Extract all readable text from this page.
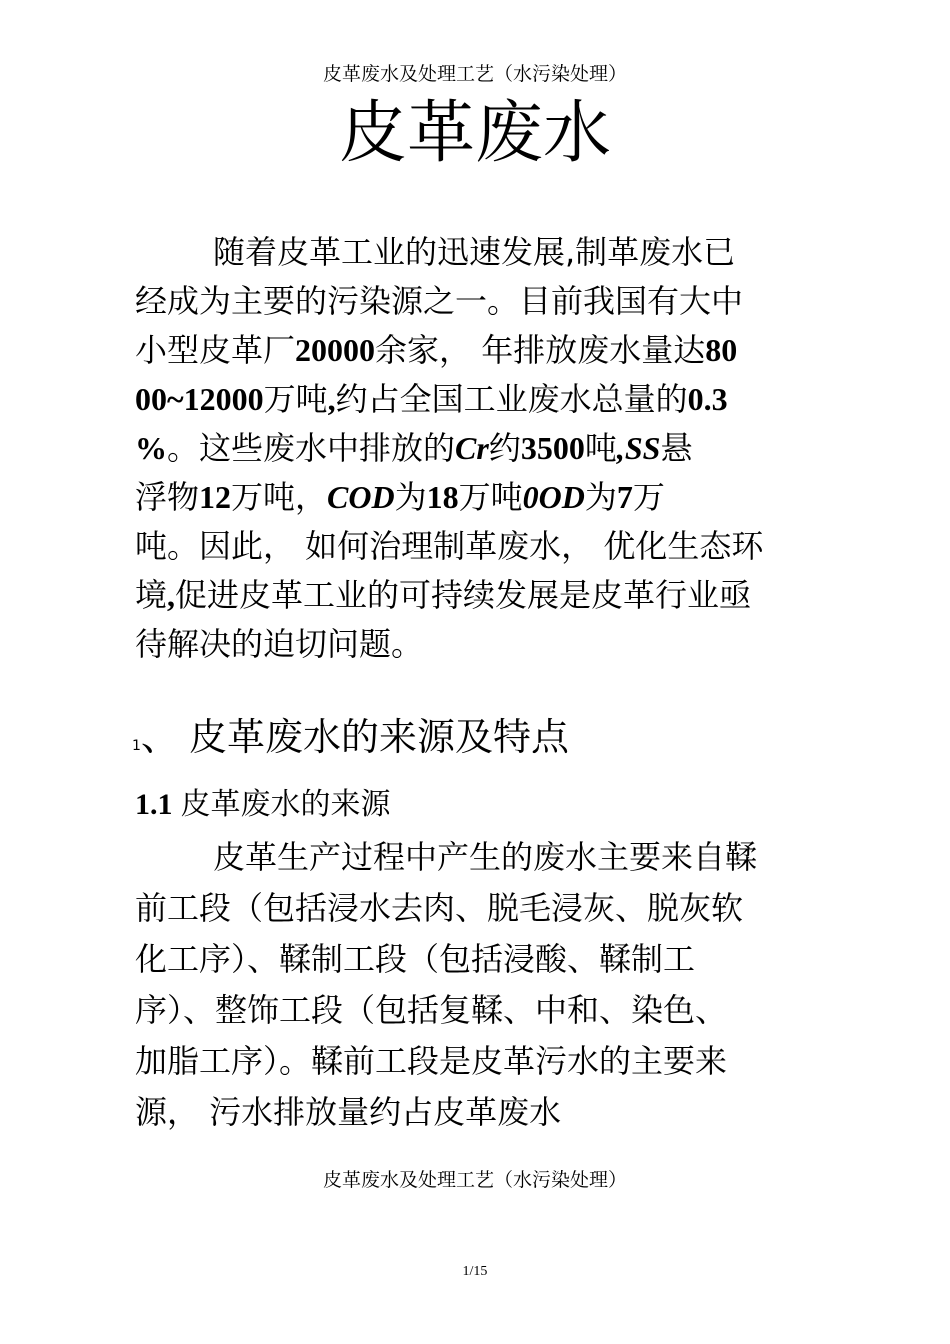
皮革废水及处理工艺（水污染处理）
皮革废水
随着皮革工业的迅速发展,制革废水已
经成为主要的污染源之一。目前我国有大中
小型皮革厂20000余家， 年排放废水量达80
00~12000万吨,约占全国工业废水总量的0.3
%。这些废水中排放的Cr约3500吨,SS悬
浮物12万吨，COD为18万吨0OD为7万
吨。因此， 如何治理制革废水， 优化生态环
境,促进皮革工业的可持续发展是皮革行业亟
待解决的迫切问题。
1、 皮革废水的来源及特点
1.1 皮革废水的来源
皮革生产过程中产生的废水主要来自鞣
前工段（包括浸水去肉、脱毛浸灰、脱灰软
化工序）、鞣制工段（包括浸酸、鞣制工
序）、整饰工段（包括复鞣、中和、染色、
加脂工序）。鞣前工段是皮革污水的主要来
源， 污水排放量约占皮革废水
皮革废水及处理工艺（水污染处理）
1/15
